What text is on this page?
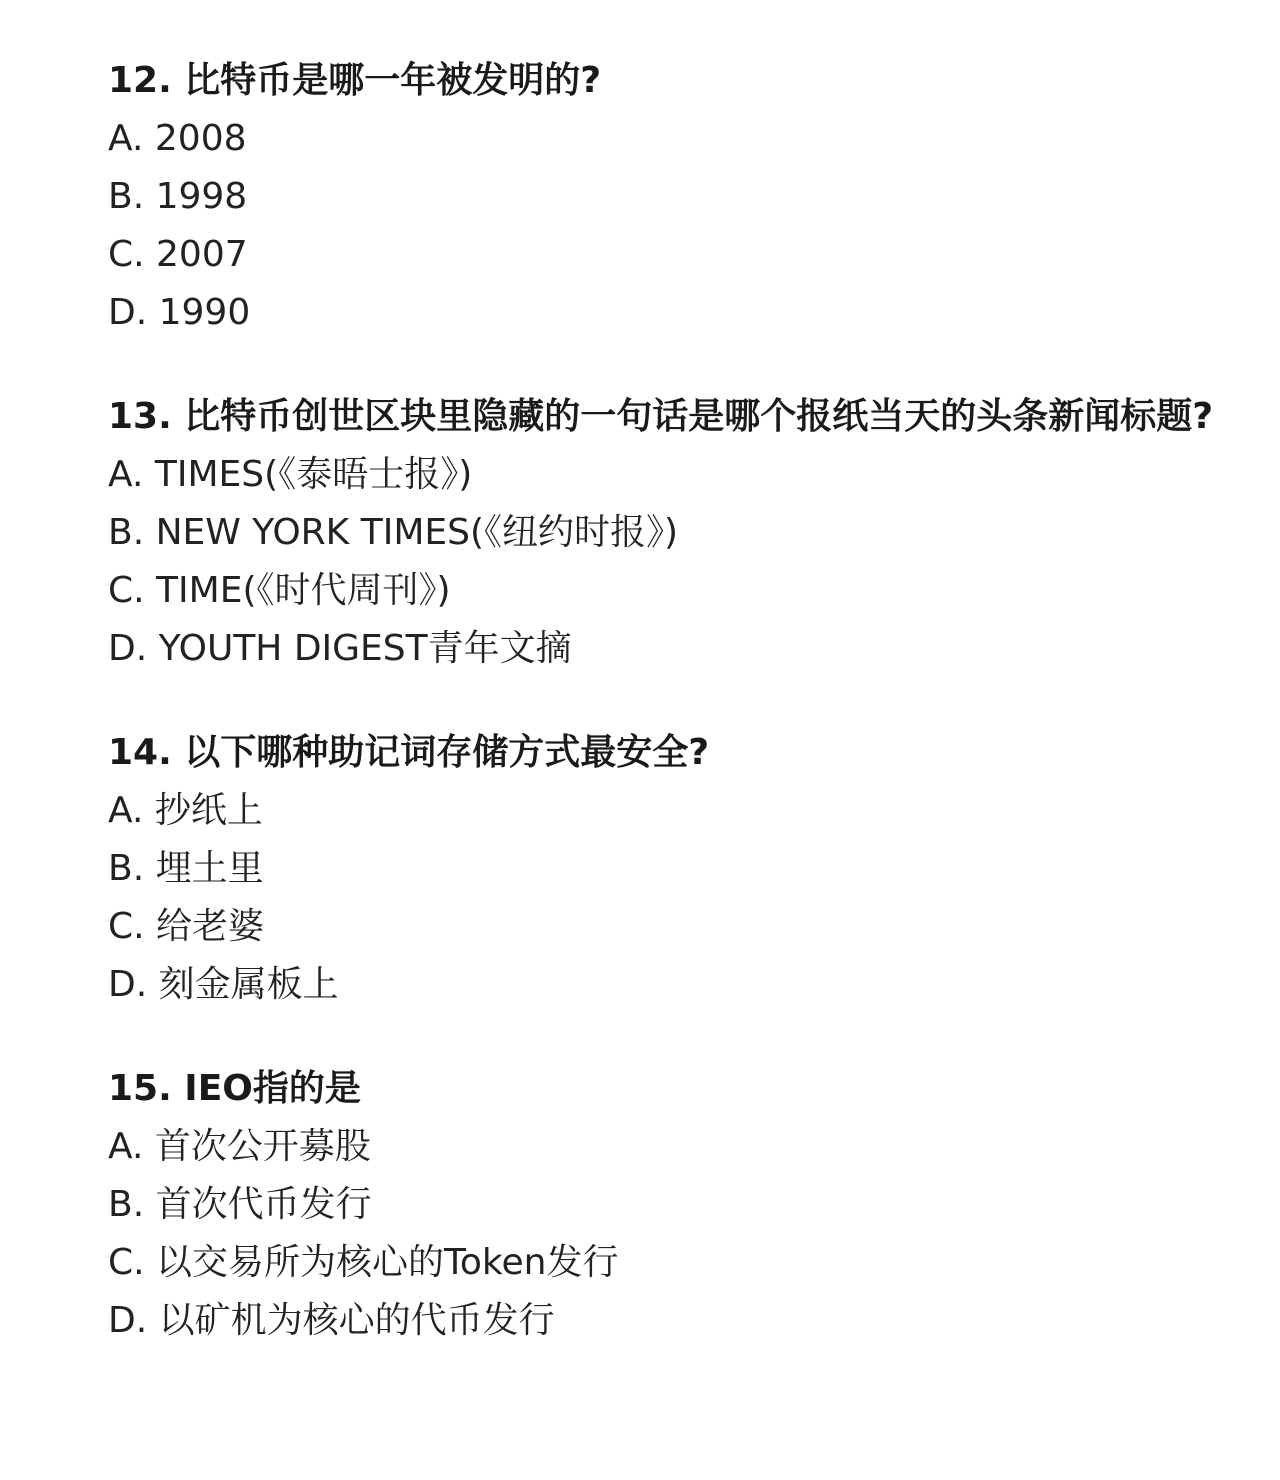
12. 比特币是哪一年被发明的?

A. 2008

B. 1998

C. 2007

D. 1990

13. 比特币创世区块里隐藏的一句话是哪个报纸当天的头条新闻标题?

A. TIMES(《泰晤士报》)

B. NEW YORK TIMES(《纽约时报》)

C. TIME(《时代周刊》)

D. YOUTH DIGEST青年文摘

14. 以下哪种助记词存储方式最安全?

A. 抄纸上

B. 埋土里

C. 给老婆

D. 刻金属板上

15. IEO指的是

A. 首次公开募股

B. 首次代币发行

C. 以交易所为核心的Token发行

D. 以矿机为核心的代币发行
